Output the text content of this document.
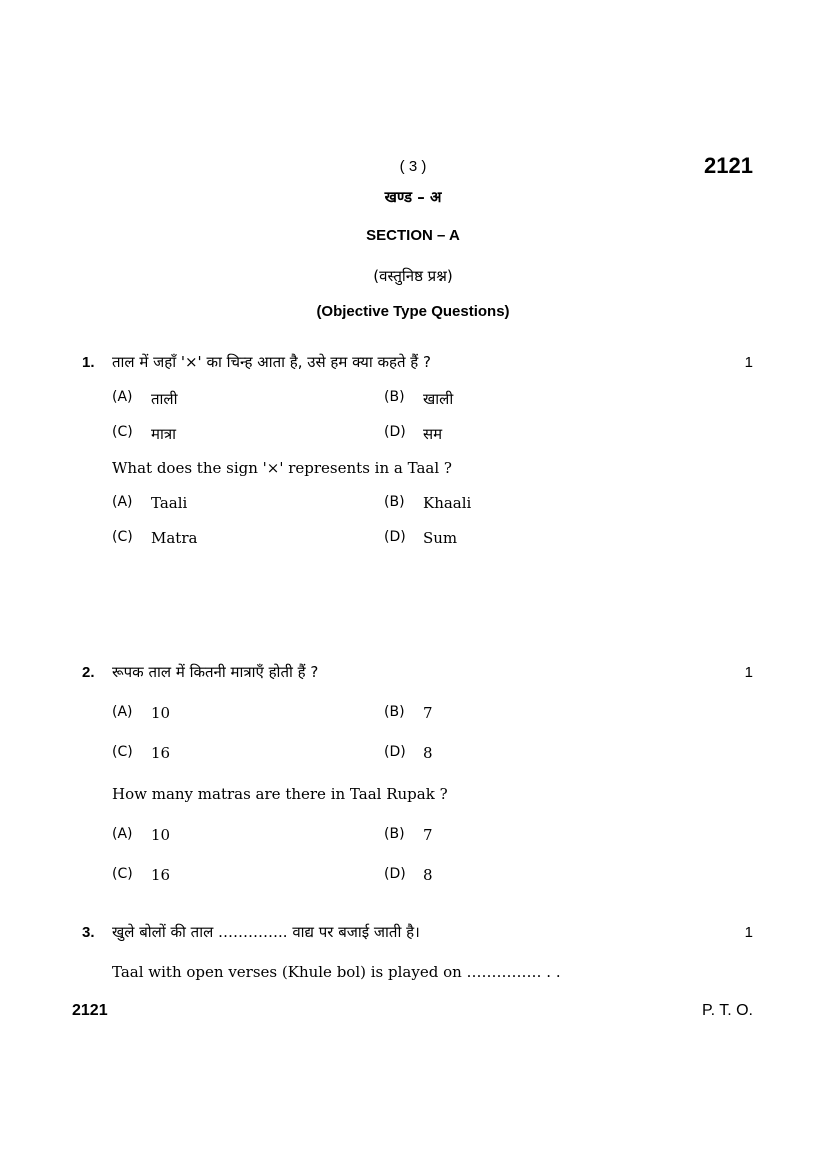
( 3 )	2121
खण्ड – अ
SECTION – A
(वस्तुनिष्ठ प्रश्न)
(Objective Type Questions)
1. ताल में जहाँ '×' का चिन्ह आता है, उसे हम क्या कहते हैं ?	1
(A)	ताली	(B)	खाली
(C)	मात्रा	(D)	सम
What does the sign '×' represents in a Taal ?
(A)	Taali	(B)	Khaali
(C)	Matra	(D)	Sum
2. रूपक ताल में कितनी मात्राएँ होती हैं ?	1
(A)	10	(B)	7
(C)	16	(D)	8
How many matras are there in Taal Rupak ?
(A)	10	(B)	7
(C)	16	(D)	8
3. खुले बोलों की ताल ………….. वाद्य पर बजाई जाती है।	1
Taal with open verses (Khule bol) is played on …………… . .
2121	P. T. O.
